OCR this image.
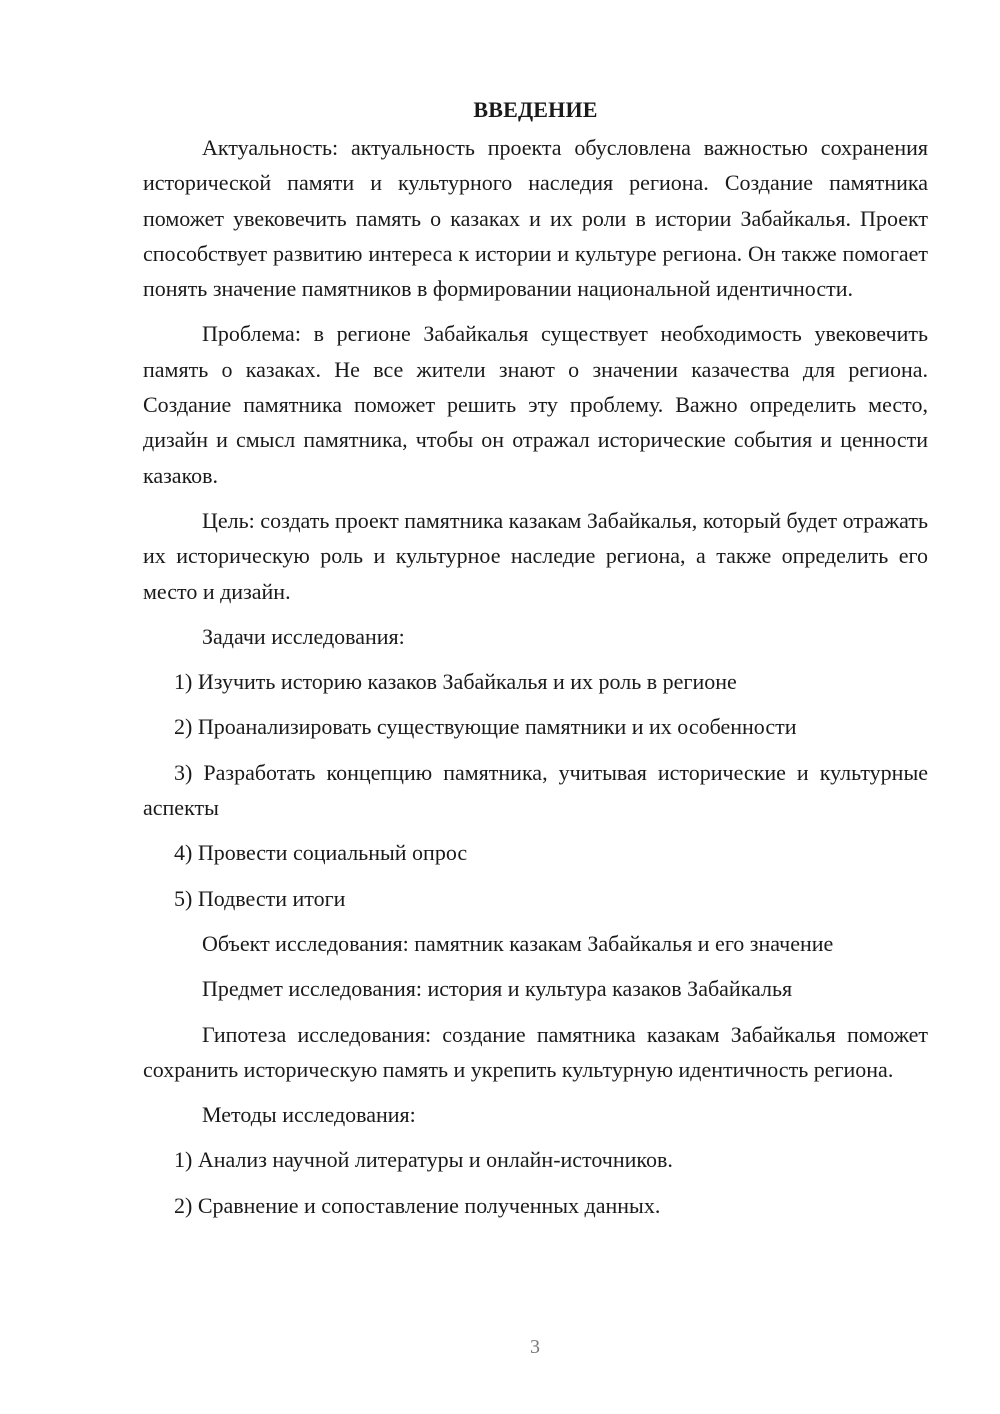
ВВЕДЕНИЕ

Актуальность: актуальность проекта обусловлена важностью сохранения исторической памяти и культурного наследия региона. Создание памятника поможет увековечить память о казаках и их роли в истории Забайкалья. Проект способствует развитию интереса к истории и культуре региона. Он также помогает понять значение памятников в формировании национальной идентичности.

Проблема: в регионе Забайкалья существует необходимость увековечить память о казаках. Не все жители знают о значении казачества для региона. Создание памятника поможет решить эту проблему. Важно определить место, дизайн и смысл памятника, чтобы он отражал исторические события и ценности казаков.

Цель: создать проект памятника казакам Забайкалья, который будет отражать их историческую роль и культурное наследие региона, а также определить его место и дизайн.

Задачи исследования:

1) Изучить историю казаков Забайкалья и их роль в регионе

2) Проанализировать существующие памятники и их особенности

3) Разработать концепцию памятника, учитывая исторические и культурные аспекты

4) Провести социальный опрос

5) Подвести итоги

Объект исследования: памятник казакам Забайкалья и его значение

Предмет исследования: история и культура казаков Забайкалья

Гипотеза исследования: создание памятника казакам Забайкалья поможет сохранить историческую память и укрепить культурную идентичность региона.

Методы исследования:

1) Анализ научной литературы и онлайн-источников.

2) Сравнение и сопоставление полученных данных.

3
